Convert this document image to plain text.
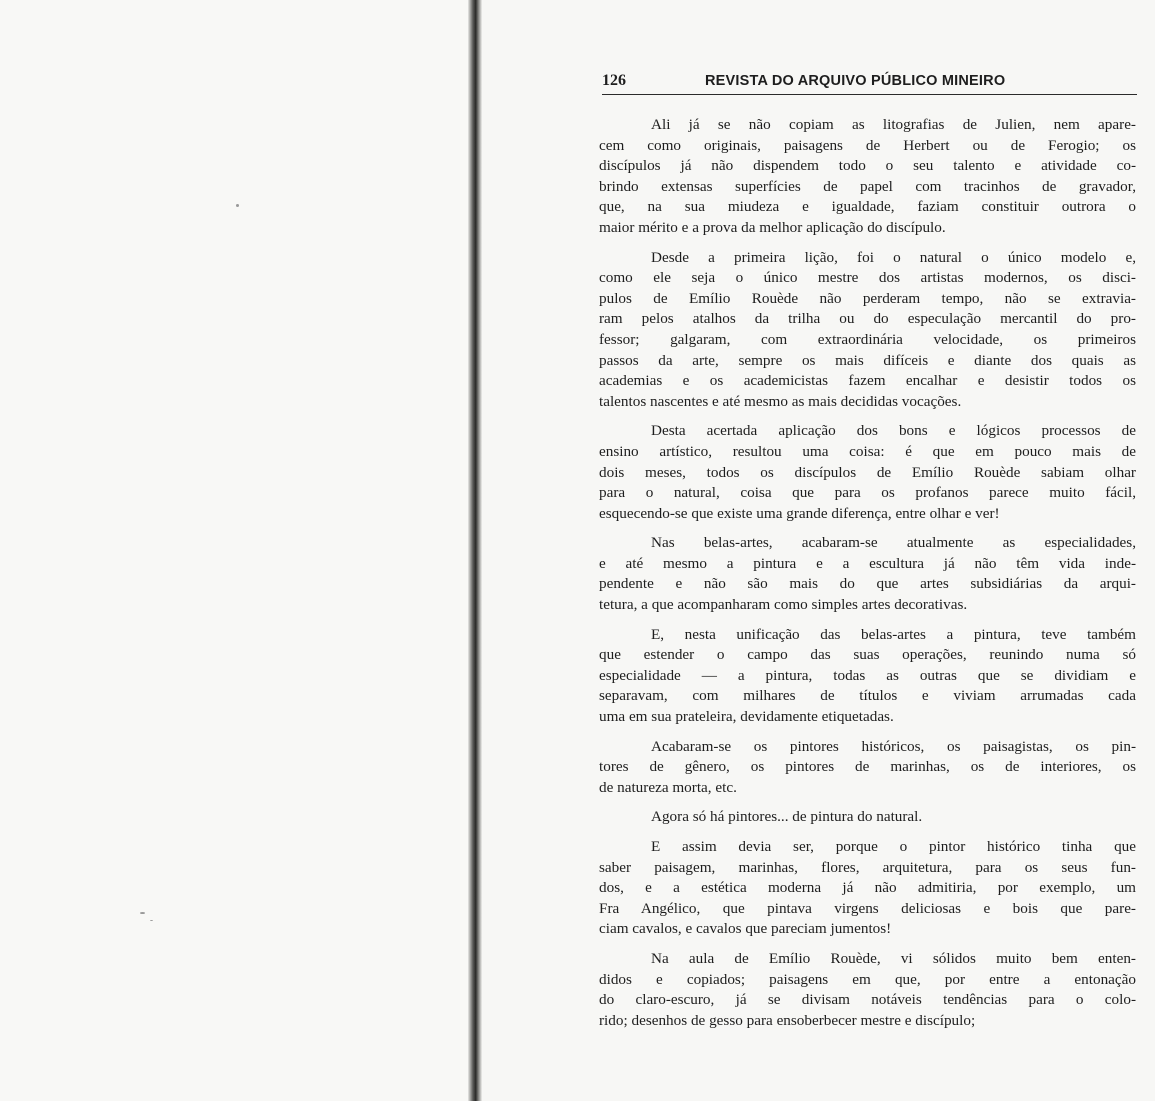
126	REVISTA DO ARQUIVO PÚBLICO MINEIRO
Ali já se não copiam as litografias de Julien, nem apare-
cem como originais, paisagens de Herbert ou de Ferogio; os
discípulos já não dispendem todo o seu talento e atividade co-
brindo extensas superfícies de papel com tracinhos de gravador,
que, na sua miudeza e igualdade, faziam constituir outrora o
maior mérito e a prova da melhor aplicação do discípulo.
Desde a primeira lição, foi o natural o único modelo e,
como ele seja o único mestre dos artistas modernos, os disci-
pulos de Emílio Rouède não perderam tempo, não se extravia-
ram pelos atalhos da trilha ou do especulação mercantil do pro-
fessor; galgaram, com extraordinária velocidade, os primeiros
passos da arte, sempre os mais difíceis e diante dos quais as
academias e os academicistas fazem encalhar e desistir todos os
talentos nascentes e até mesmo as mais decididas vocações.
Desta acertada aplicação dos bons e lógicos processos de
ensino artístico, resultou uma coisa: é que em pouco mais de
dois meses, todos os discípulos de Emílio Rouède sabiam olhar
para o natural, coisa que para os profanos parece muito fácil,
esquecendo-se que existe uma grande diferença, entre olhar e ver!
Nas belas-artes, acabaram-se atualmente as especialidades,
e até mesmo a pintura e a escultura já não têm vida inde-
pendente e não são mais do que artes subsidiárias da arqui-
tetura, a que acompanharam como simples artes decorativas.
E, nesta unificação das belas-artes a pintura, teve também
que estender o campo das suas operações, reunindo numa só
especialidade — a pintura, todas as outras que se dividiam e
separavam, com milhares de títulos e viviam arrumadas cada
uma em sua prateleira, devidamente etiquetadas.
Acabaram-se os pintores históricos, os paisagistas, os pin-
tores de gênero, os pintores de marinhas, os de interiores, os
de natureza morta, etc.
Agora só há pintores... de pintura do natural.
E assim devia ser, porque o pintor histórico tinha que
saber paisagem, marinhas, flores, arquitetura, para os seus fun-
dos, e a estética moderna já não admitiria, por exemplo, um
Fra Angélico, que pintava virgens deliciosas e bois que pare-
ciam cavalos, e cavalos que pareciam jumentos!
Na aula de Emílio Rouède, vi sólidos muito bem enten-
didos e copiados; paisagens em que, por entre a entonação
do claro-escuro, já se divisam notáveis tendências para o colo-
rido; desenhos de gesso para ensoberbecer mestre e discípulo;
